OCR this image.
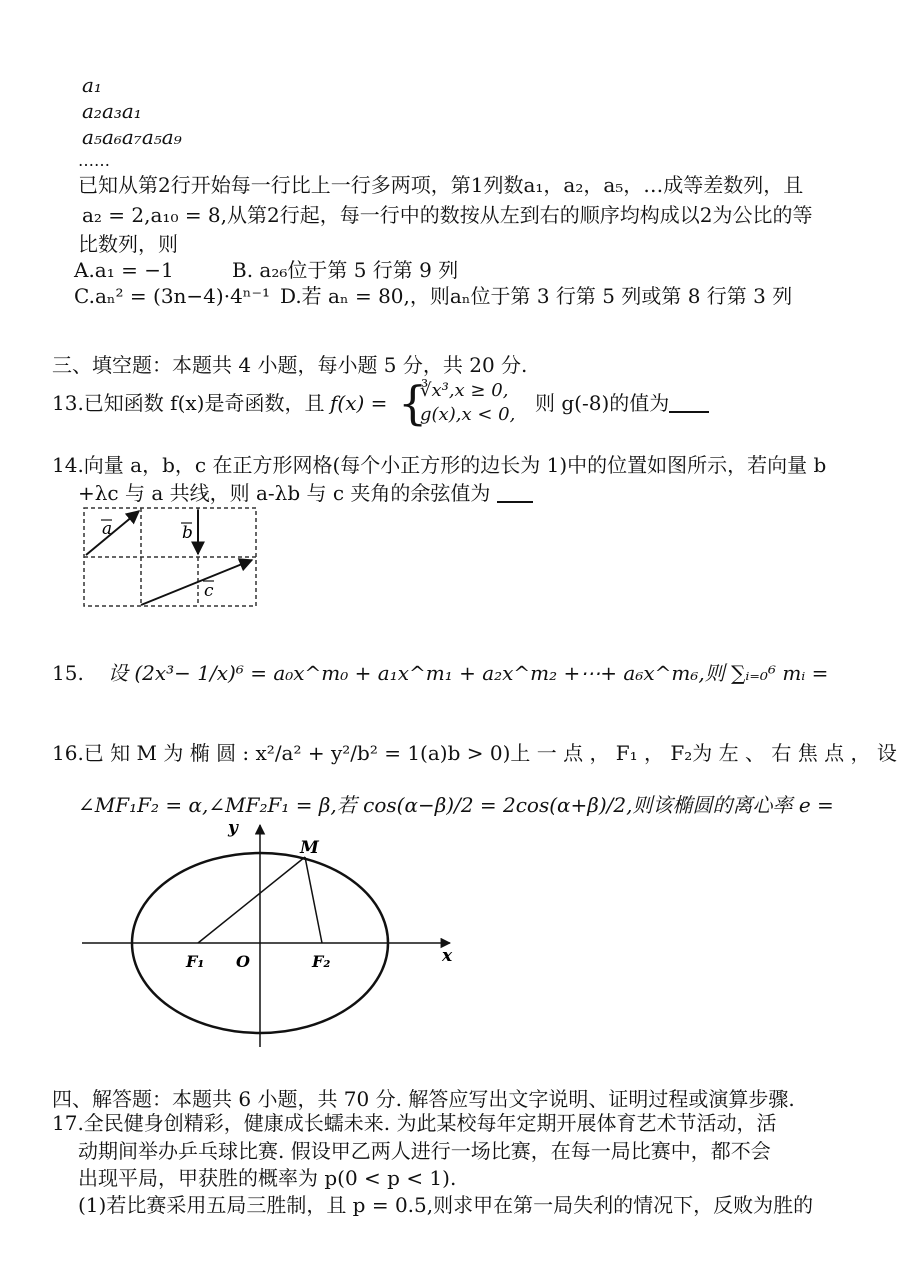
a₁
a₂a₃a₁
a₅a₆a₇a₅a₉
……
已知从第2行开始每一行比上一行多两项，第1列数a₁，a₂，a₅，…成等差数列，且
a₂ = 2,a₁₀ = 8,从第2行起，每一行中的数按从左到右的顺序均构成以2为公比的等
比数列，则
A.a₁ = −1	B. a₂₆位于第 5 行第 9 列
C.aₙ² = (3n−4)·4ⁿ⁻¹ D.若 aₙ = 80,，则aₙ位于第 3 行第 5 列或第 8 行第 3 列
三、填空题：本题共 4 小题，每小题 5 分，共 20 分.
13.已知函数 f(x)是奇函数，且 f(x) = {
∛x³,x ≥ 0,
g(x),x < 0, 则 g(-8)的值为
14.向量 a，b，c 在正方形网格(每个小正方形的边长为 1)中的位置如图所示，若向量 b
+λc 与 a 共线，则 a-λb 与 c 夹角的余弦值为
a	b
c
15. 设 (2x³− 1/x)⁶ = a₀x^m₀ + a₁x^m₁ + a₂x^m₂ +⋯+ a₆x^m₆,则 ∑ᵢ₌₀⁶ mᵢ =
16.已 知 M 为 椭 圆 : x²/a² + y²/b² = 1(a)b > 0)上 一 点 ， F₁ ， F₂为 左 、 右 焦 点 ， 设
∠MF₁F₂ = α,∠MF₂F₁ = β,若 cos(α−β)/2 = 2cos(α+β)/2,则该椭圆的离心率 e =
y
M
F₁ O	F₂	x
四、解答题：本题共 6 小题，共 70 分. 解答应写出文字说明、证明过程或演算步骤.
17.全民健身创精彩，健康成长蠕未来. 为此某校每年定期开展体育艺术节活动，活
动期间举办乒乓球比赛. 假设甲乙两人进行一场比赛，在每一局比赛中，都不会
出现平局，甲获胜的概率为 p(0 < p < 1).
(1)若比赛采用五局三胜制，且 p = 0.5,则求甲在第一局失利的情况下，反败为胜的
